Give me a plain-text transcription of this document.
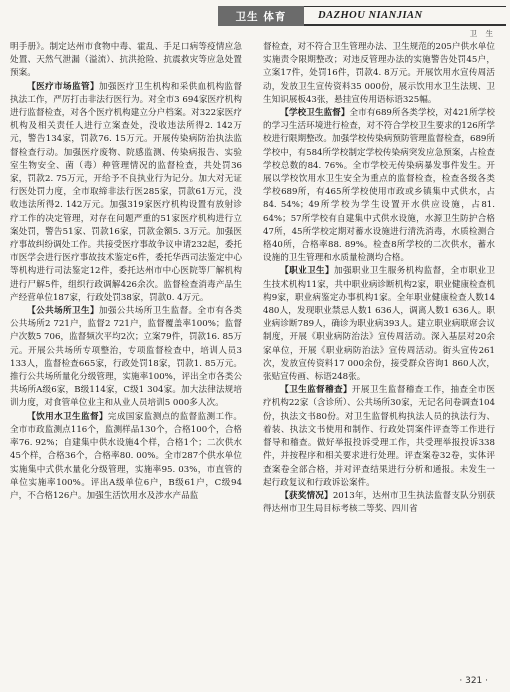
卫生 体育	DAZHOU NIANJIAN
卫 生

明手册》。制定达州市食物中毒、霍乱、手足口病等疫情应急处置、天然气泄漏（溢流）、抗洪抢险、抗震救灾等应急处置预案。

【医疗市场监管】加强医疗卫生机构和采供血机构监督执法工作，严厉打击非法行医行为。对全市3 694家医疗机构进行监督检查，对各个医疗机构建立分户档案。对322家医疗机构及相关责任人进行立案查处，没收违法所得2. 142万元，警告134家，罚款76. 15万元。开展传染病防治执法监督检查行动。加强医疗废物、院感监测、传染病报告、实验室生物安全、菌（毒）种管理情况的监督检查，共处罚36家，罚款2. 75万元，开给予不良执业行为记分。加大对无证行医处罚力度，全市取缔非法行医285家，罚款61万元，没收违法所得2. 142万元。加强319家医疗机构设置有放射诊疗工作的决定管理，对存在问题严重的51家医疗机构进行立案处罚，警告51家、罚款16家，罚款金额5. 3万元。加强医疗事故纠纷调处工作。共接受医疗事故争议申请232起，委托市医学会进行医疗事故技术鉴定6件，委托华西司法鉴定中心等机构进行司法鉴定12件，委托达州市中心医院等厂解机构进行尸解5件，组织行政调解426余次。监督检查消毒产品生产经营单位187家，行政处罚38家，罚款0. 4万元。

【公共场所卫生】加强公共场所卫生监督。全市有各类公共场所2 721户，监督2 721户，监督覆盖率100%；监督户次数5 706，监督频次平均2次；立案79件，罚款16. 85万元。开展公共场所专项整治，专项监督检查中，培训人员3 133人，监督检查665家，行政处罚18家，罚款1. 85万元。推行公共场所量化分级管理，实施率100%，评出全市各类公共场所A级6家，B级114家，C级1 304家。加大法律法规培训力度，对食管单位业主和从业人员培训5 000多人次。

【饮用水卫生监督】完成国家监测点的监督监测工作。全市市政监测点116个，监测样品130个，合格100个，合格率76. 92%；自建集中供水设施4个样，合格1个；二次供水45个样，合格36个，合格率80. 00%。全市287个供水单位实施集中式供水量化分级管理，实施率95. 03%，市直管的单位实施率100%。评出A级单位6户，B级61户，C级94户，不合格126户。加强生活饮用水及涉水产品监

督检查，对不符合卫生管理办法、卫生规范的205户供水单位实施责令限期整改；对违反管理办法的实施警告处罚45户，立案17件，处罚16件，罚款4. 8万元。开展饮用水宣传周活动，发放卫生宣传资料35 000份，展示饮用水卫生法规、卫生知识展板43张，悬挂宣传用语标语325幅。

【学校卫生监督】全市有689所各类学校，对421所学校的学习生活环境进行检查，对不符合学校卫生要求的126所学校进行限期整改。加强学校传染病预防管理监督检查，689所学校中，有584所学校制定学校传染病突发应急预案，占检查学校总数的84. 76%。全市学校无传染病暴发事件发生。开展以学校饮用水卫生安全为重点的监督检查，检查各级各类学校689所，有465所学校使用市政或乡镇集中式供水，占84. 54%；49所学校为学生设置开水供应设施，占81. 64%；57所学校有自建集中式供水设施，水源卫生防护合格47所，45所学校定期对蓄水设施进行清洗消毒，水质检测合格40所，合格率88. 89%。检查8所学校的二次供水，蓄水设施的卫生管理和水质量检测均合格。

【职业卫生】加强职业卫生服务机构监督，全市职业卫生技术机构11家，共中职业病诊断机构2家，职业健康检查机构9家，职业病鉴定办事机构1家。全年职业健康检查人数14 480人，发现职业禁忌人数1 636人，调离人数1 636人。职业病诊断789人，确诊为职业病393人。建立职业病联席会议制度，开展《职业病防治法》宣传周活动。深入基层对20余家单位，开展《职业病防治法》宣传周活动。街头宣传261次，发放宣传资料17 000余份，接受群众咨询1 860人次，张贴宣传画、标语248张。

【卫生监督稽查】开展卫生监督稽查工作，抽查全市医疗机构22家（含诊所）、公共场所30家，无记名问卷调查104份，执法文书80份。对卫生监督机构执法人员的执法行为、着装、执法文书使用和制作、行政处罚案件评查等工作进行督导和稽查。做好举报投诉受理工作，共受理举报投诉338件，并按程序和相关要求进行处理。评查案卷32卷，实体评查案卷全部合格，并对评查结果进行分析和通报。未发生一起行政复议和行政诉讼案件。

【获奖情况】2013年，达州市卫生执法监督支队分别获得达州市卫生局目标考核二等奖、四川省

· 321 ·
